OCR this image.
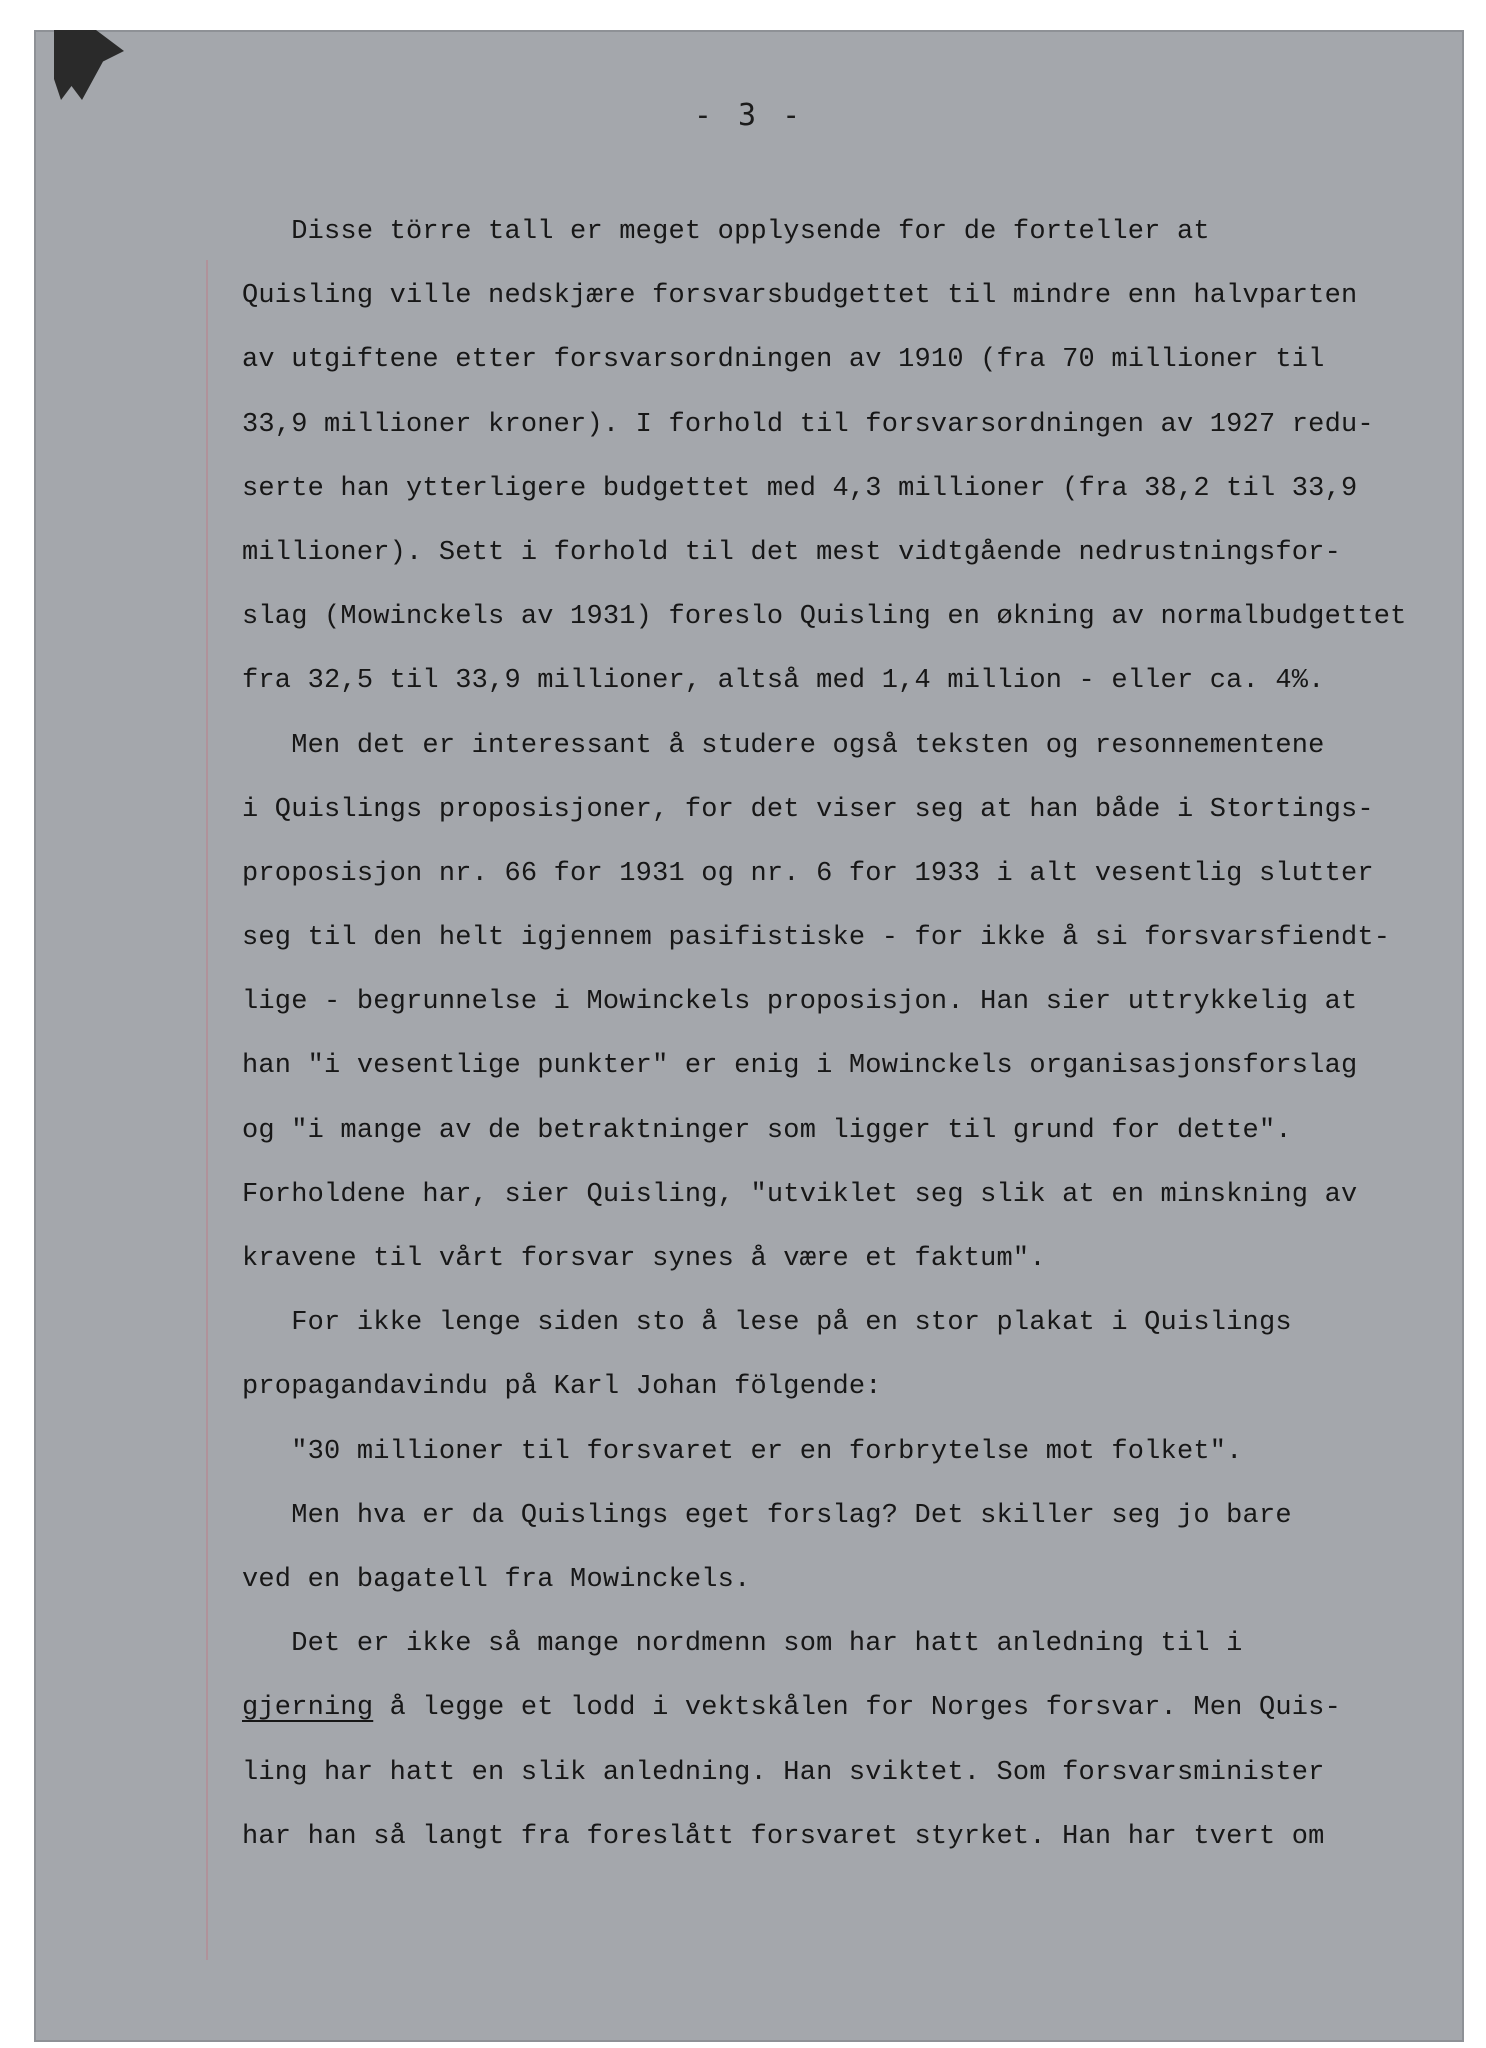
- 3 -
Disse törre tall er meget opplysende for de forteller at
Quisling ville nedskjære forsvarsbudgettet til mindre enn halvparten
av utgiftene etter forsvarsordningen av 1910 (fra 70 millioner til
33,9 millioner kroner). I forhold til forsvarsordningen av 1927 redu-
serte han ytterligere budgettet med 4,3 millioner (fra 38,2 til 33,9
millioner). Sett i forhold til det mest vidtgående nedrustningsfor-
slag (Mowinckels av 1931) foreslo Quisling en økning av normalbudgettet
fra 32,5 til 33,9 millioner, altså med 1,4 million - eller ca. 4%.
Men det er interessant å studere også teksten og resonnementene
i Quislings proposisjoner, for det viser seg at han både i Stortings-
proposisjon nr. 66 for 1931 og nr. 6 for 1933 i alt vesentlig slutter
seg til den helt igjennem pasifistiske - for ikke å si forsvarsfiendt-
lige - begrunnelse i Mowinckels proposisjon. Han sier uttrykkelig at
han "i vesentlige punkter" er enig i Mowinckels organisasjonsforslag
og "i mange av de betraktninger som ligger til grund for dette".
Forholdene har, sier Quisling, "utviklet seg slik at en minskning av
kravene til vårt forsvar synes å være et faktum".
For ikke lenge siden sto å lese på en stor plakat i Quislings
propagandavindu på Karl Johan fölgende:
"30 millioner til forsvaret er en forbrytelse mot folket".
Men hva er da Quislings eget forslag? Det skiller seg jo bare
ved en bagatell fra Mowinckels.
Det er ikke så mange nordmenn som har hatt anledning til i
gjerning å legge et lodd i vektskålen for Norges forsvar. Men Quis-
ling har hatt en slik anledning. Han sviktet. Som forsvarsminister
har han så langt fra foreslått forsvaret styrket. Han har tvert om
